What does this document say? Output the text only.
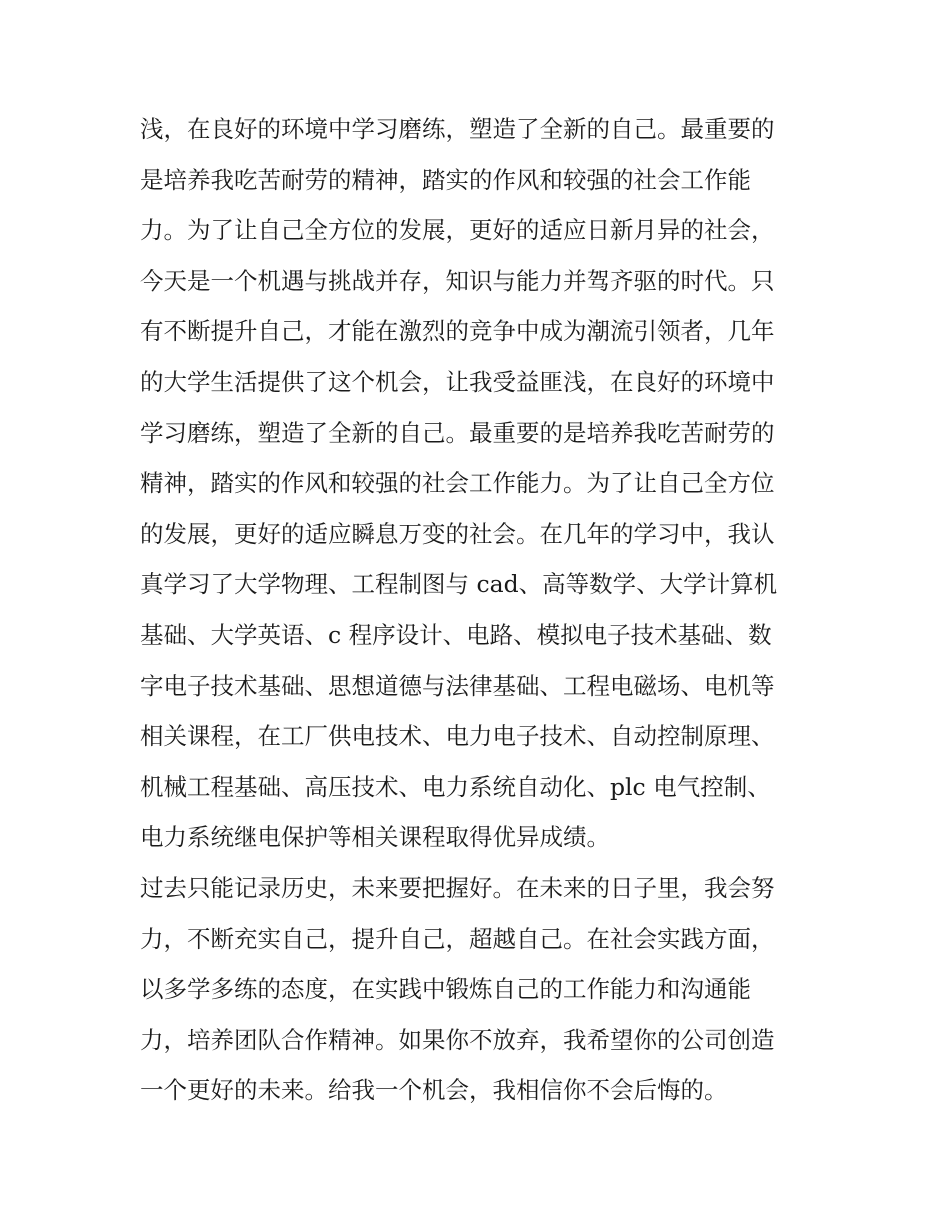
浅，在良好的环境中学习磨练，塑造了全新的自己。最重要的
是培养我吃苦耐劳的精神，踏实的作风和较强的社会工作能
力。为了让自己全方位的发展，更好的适应日新月异的社会，
今天是一个机遇与挑战并存，知识与能力并驾齐驱的时代。只
有不断提升自己，才能在激烈的竞争中成为潮流引领者，几年
的大学生活提供了这个机会，让我受益匪浅，在良好的环境中
学习磨练，塑造了全新的自己。最重要的是培养我吃苦耐劳的
精神，踏实的作风和较强的社会工作能力。为了让自己全方位
的发展，更好的适应瞬息万变的社会。在几年的学习中，我认
真学习了大学物理、工程制图与 cad、高等数学、大学计算机
基础、大学英语、c 程序设计、电路、模拟电子技术基础、数
字电子技术基础、思想道德与法律基础、工程电磁场、电机等
相关课程，在工厂供电技术、电力电子技术、自动控制原理、
机械工程基础、高压技术、电力系统自动化、plc 电气控制、
电力系统继电保护等相关课程取得优异成绩。
过去只能记录历史，未来要把握好。在未来的日子里，我会努
力，不断充实自己，提升自己，超越自己。在社会实践方面，
以多学多练的态度，在实践中锻炼自己的工作能力和沟通能
力，培养团队合作精神。如果你不放弃，我希望你的公司创造
一个更好的未来。给我一个机会，我相信你不会后悔的。
